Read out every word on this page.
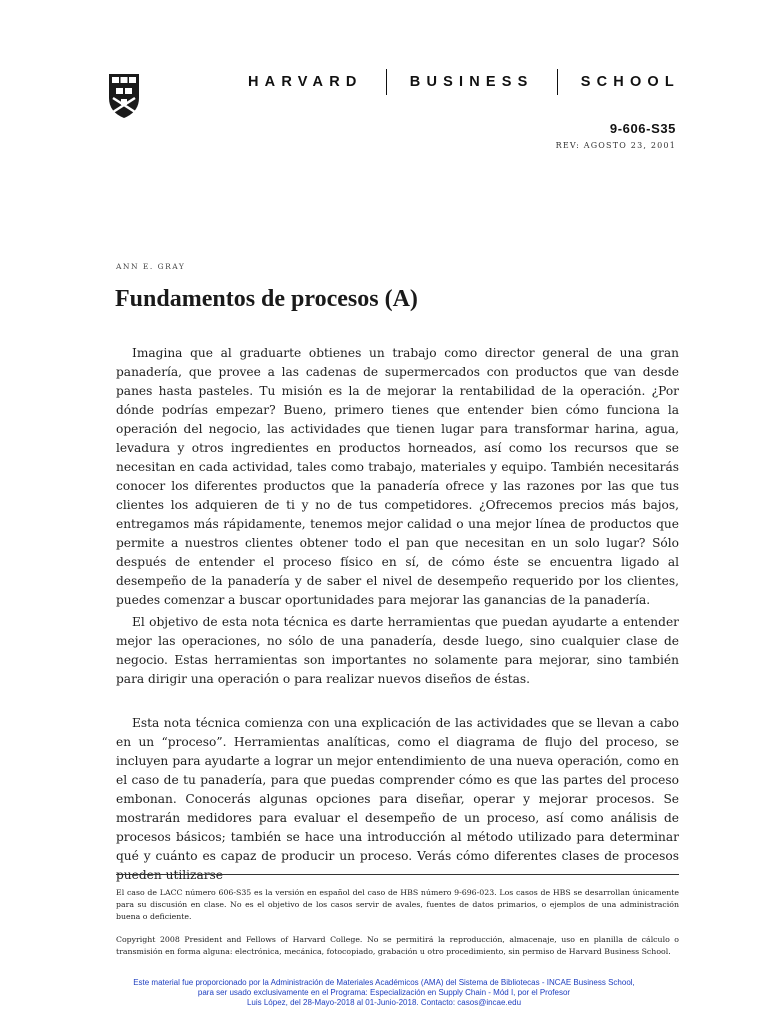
HARVARD	BUSINESS	SCHOOL
9-606-S35
REV: AGOSTO 23, 2001
ANN E. GRAY
Fundamentos de procesos (A)

Imagina que al graduarte obtienes un trabajo como director general de una gran panadería, que provee a las cadenas de supermercados con productos que van desde panes hasta pasteles. Tu misión es la de mejorar la rentabilidad de la operación. ¿Por dónde podrías empezar? Bueno, primero tienes que entender bien cómo funciona la operación del negocio, las actividades que tienen lugar para transformar harina, agua, levadura y otros ingredientes en productos horneados, así como los recursos que se necesitan en cada actividad, tales como trabajo, materiales y equipo. También necesitarás conocer los diferentes productos que la panadería ofrece y las razones por las que tus clientes los adquieren de ti y no de tus competidores. ¿Ofrecemos precios más bajos, entregamos más rápidamente, tenemos mejor calidad o una mejor línea de productos que permite a nuestros clientes obtener todo el pan que necesitan en un solo lugar? Sólo después de entender el proceso físico en sí, de cómo éste se encuentra ligado al desempeño de la panadería y de saber el nivel de desempeño requerido por los clientes, puedes comenzar a buscar oportunidades para mejorar las ganancias de la panadería.

El objetivo de esta nota técnica es darte herramientas que puedan ayudarte a entender mejor las operaciones, no sólo de una panadería, desde luego, sino cualquier clase de negocio. Estas herramientas son importantes no solamente para mejorar, sino también para dirigir una operación o para realizar nuevos diseños de éstas.

Esta nota técnica comienza con una explicación de las actividades que se llevan a cabo en un “proceso”. Herramientas analíticas, como el diagrama de flujo del proceso, se incluyen para ayudarte a lograr un mejor entendimiento de una nueva operación, como en el caso de tu panadería, para que puedas comprender cómo es que las partes del proceso embonan. Conocerás algunas opciones para diseñar, operar y mejorar procesos. Se mostrarán medidores para evaluar el desempeño de un proceso, así como análisis de procesos básicos; también se hace una introducción al método utilizado para determinar qué y cuánto es capaz de producir un proceso. Verás cómo diferentes clases de procesos pueden utilizarse

El caso de LACC número 606-S35 es la versión en español del caso de HBS número 9-696-023. Los casos de HBS se desarrollan únicamente para su discusión en clase. No es el objetivo de los casos servir de avales, fuentes de datos primarios, o ejemplos de una administración buena o deficiente.

Copyright 2008 President and Fellows of Harvard College. No se permitirá la reproducción, almacenaje, uso en planilla de cálculo o transmisión en forma alguna: electrónica, mecánica, fotocopiado, grabación u otro procedimiento, sin permiso de Harvard Business School.

Este material fue proporcionado por la Administración de Materiales Académicos (AMA) del Sistema de Bibliotecas - INCAE Business School,
para ser usado exclusivamente en el Programa: Especialización en Supply Chain - Mód I, por el Profesor
Luis López, del 28-Mayo-2018 al 01-Junio-2018. Contacto: casos@incae.edu
